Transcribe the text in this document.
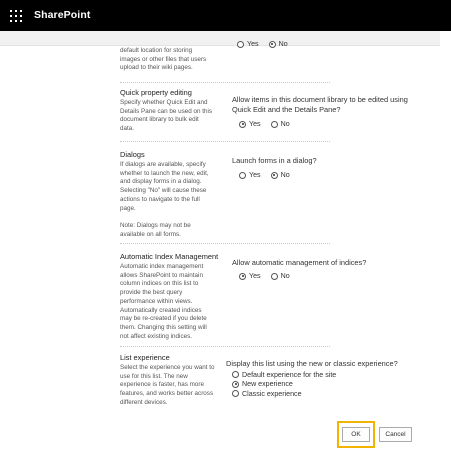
SharePoint
default location for storing
images or other files that users
upload to their wiki pages.
Yes	No
Quick property editing
Specify whether Quick Edit and
Details Pane can be used on this
document library to bulk edit
data.
Allow items in this document library to be edited using
Quick Edit and the Details Pane?
Yes	No
Dialogs
If dialogs are available, specify
whether to launch the new, edit,
and display forms in a dialog.
Selecting "No" will cause these
actions to navigate to the full
page.
Note: Dialogs may not be
available on all forms.
Launch forms in a dialog?
Yes	No
Automatic Index Management
Automatic index management
allows SharePoint to maintain
column indices on this list to
provide the best query
performance within views.
Automatically created indices
may be re-created if you delete
them. Changing this setting will
not affect existing indices.
Allow automatic management of indices?
Yes	No
List experience
Select the experience you want to
use for this list. The new
experience is faster, has more
features, and works better across
different devices.
Display this list using the new or classic experience?
Default experience for the site
New experience
Classic experience
OK	Cancel
